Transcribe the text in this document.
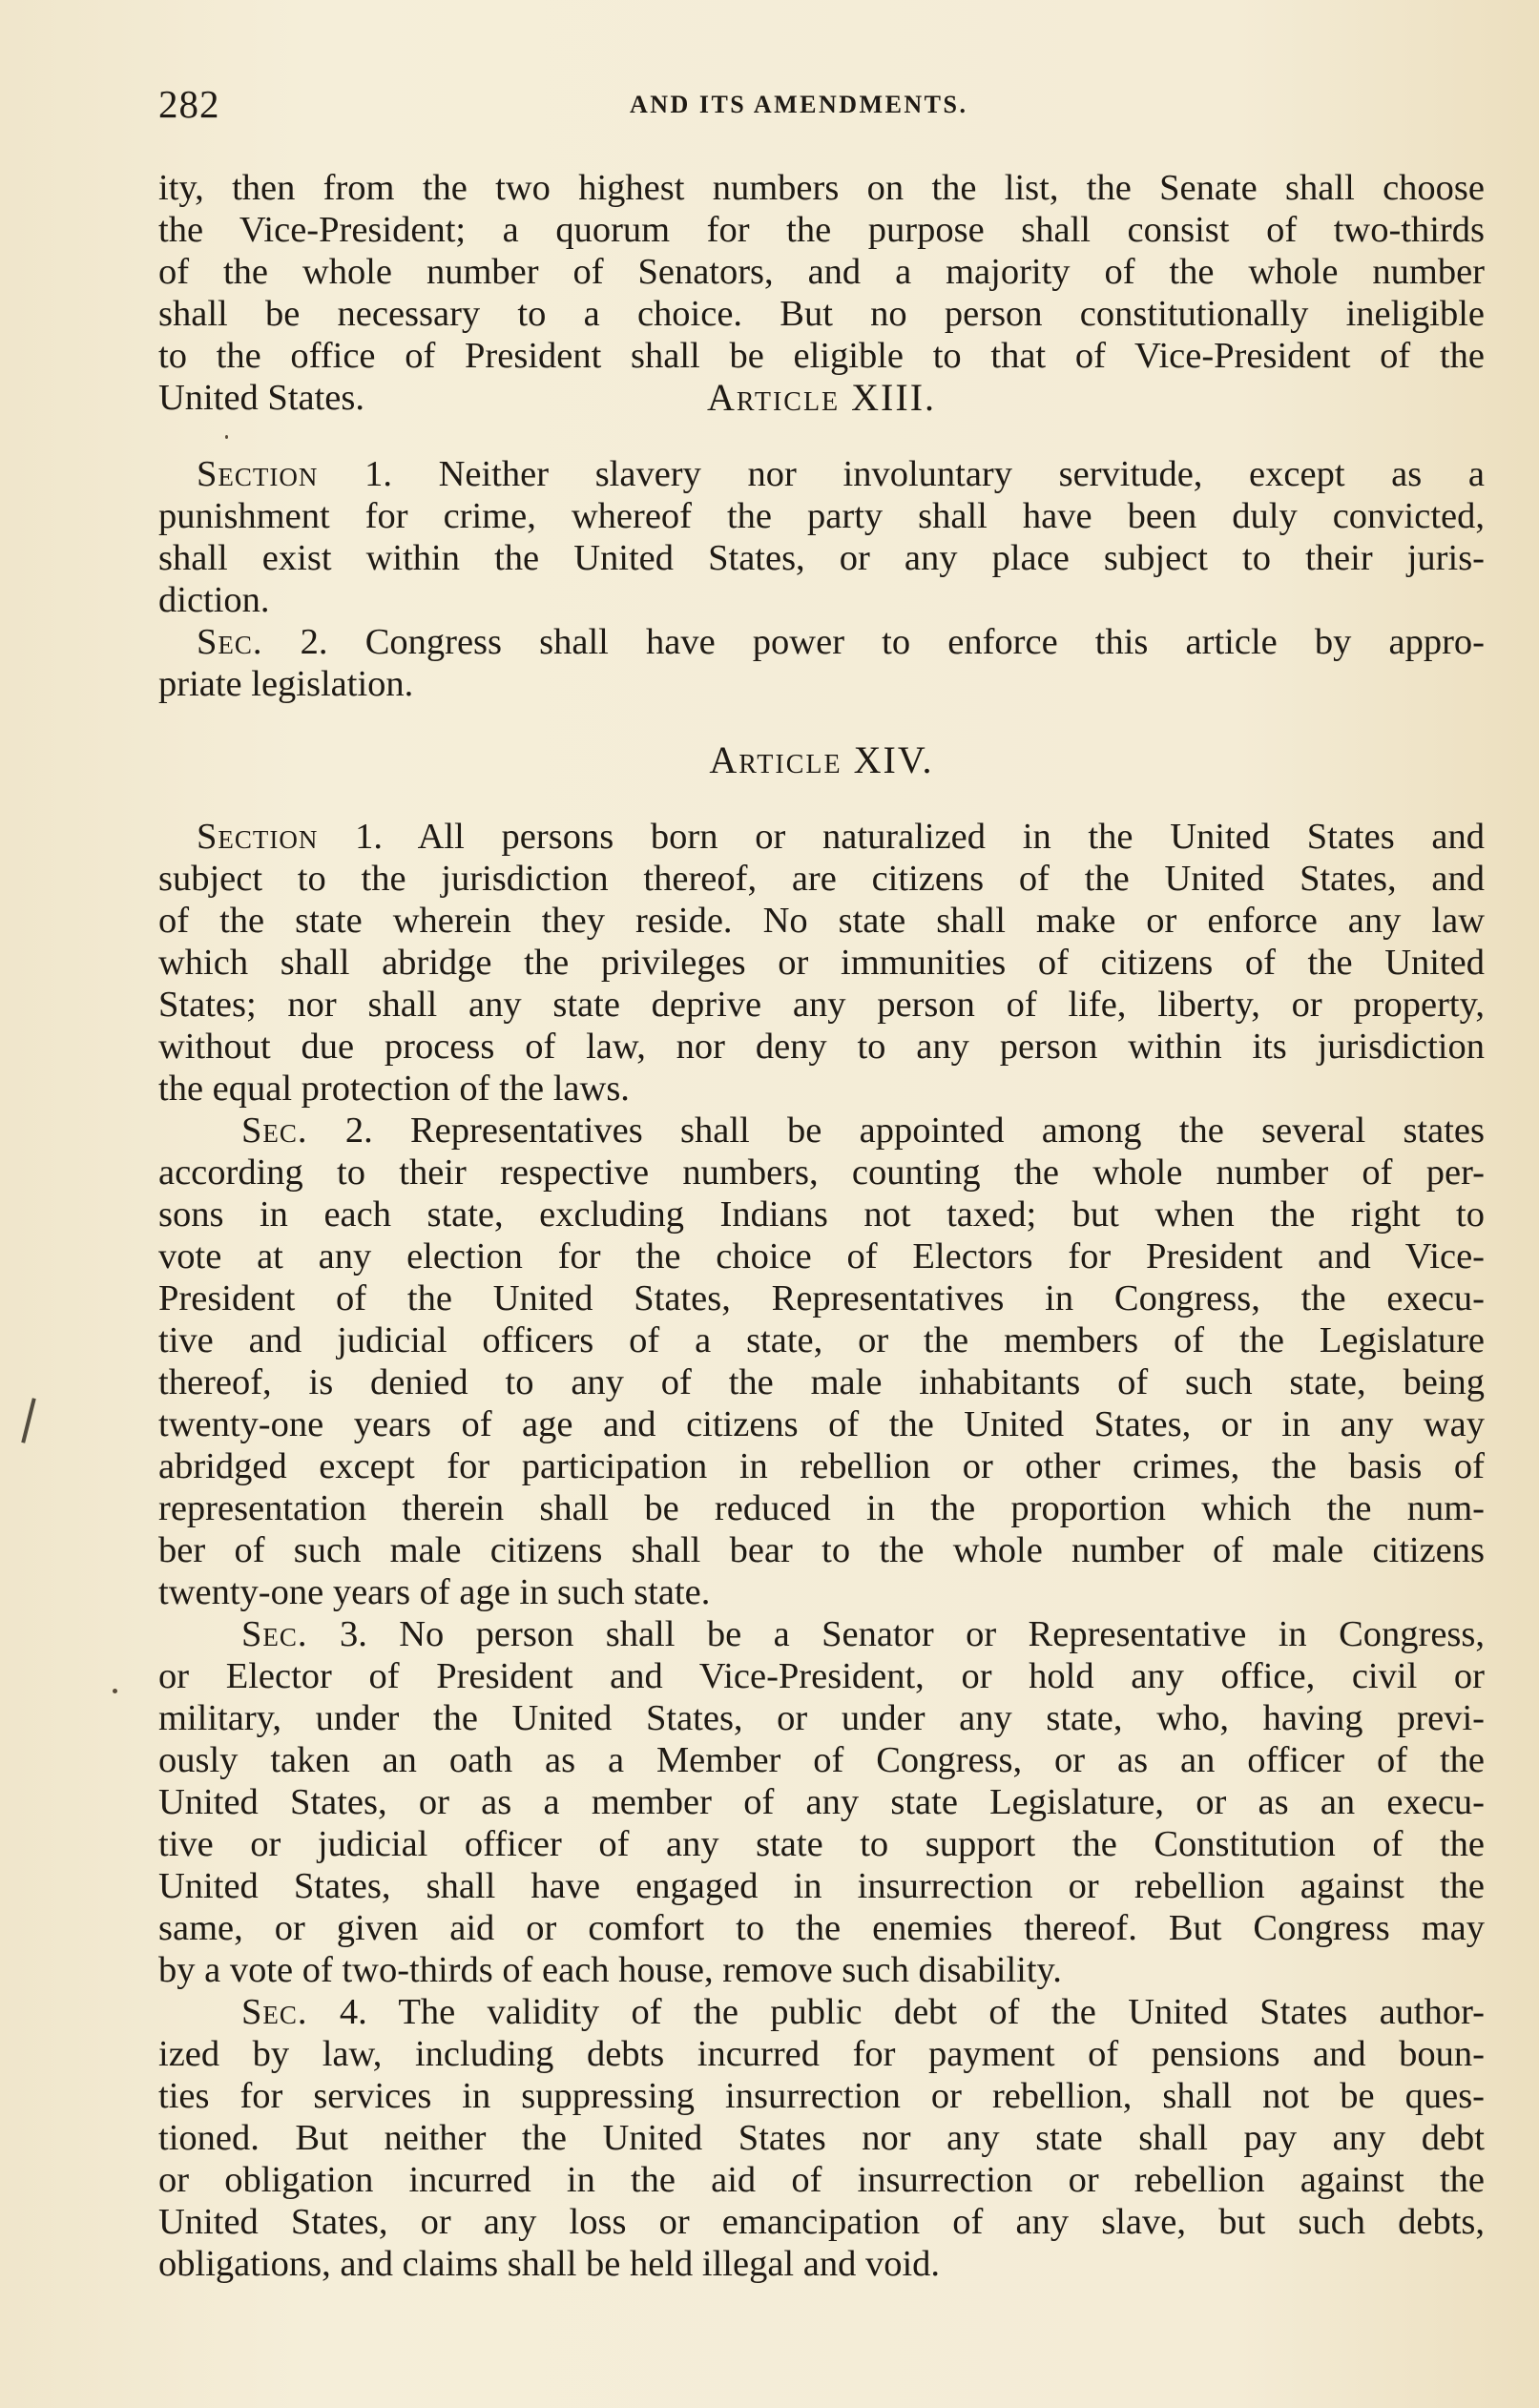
282	AND ITS AMENDMENTS.
ity, then from the two highest numbers on the list, the Senate shall choose
the Vice-President; a quorum for the purpose shall consist of two-thirds
of the whole number of Senators, and a majority of the whole number
shall be necessary to a choice. But no person constitutionally ineligible
to the office of President shall be eligible to that of Vice-President of the
United States.	Article XIII.
Section 1. Neither slavery nor involuntary servitude, except as a
punishment for crime, whereof the party shall have been duly convicted,
shall exist within the United States, or any place subject to their juris-
diction.
Sec. 2. Congress shall have power to enforce this article by appro-
priate legislation.
Article XIV.
Section 1. All persons born or naturalized in the United States and
subject to the jurisdiction thereof, are citizens of the United States, and
of the state wherein they reside. No state shall make or enforce any law
which shall abridge the privileges or immunities of citizens of the United
States; nor shall any state deprive any person of life, liberty, or property,
without due process of law, nor deny to any person within its jurisdiction
the equal protection of the laws.
Sec. 2. Representatives shall be appointed among the several states
according to their respective numbers, counting the whole number of per-
sons in each state, excluding Indians not taxed; but when the right to
vote at any election for the choice of Electors for President and Vice-
President of the United States, Representatives in Congress, the execu-
tive and judicial officers of a state, or the members of the Legislature
thereof, is denied to any of the male inhabitants of such state, being
twenty-one years of age and citizens of the United States, or in any way
abridged except for participation in rebellion or other crimes, the basis of
representation therein shall be reduced in the proportion which the num-
ber of such male citizens shall bear to the whole number of male citizens
twenty-one years of age in such state.
Sec. 3. No person shall be a Senator or Representative in Congress,
or Elector of President and Vice-President, or hold any office, civil or
military, under the United States, or under any state, who, having previ-
ously taken an oath as a Member of Congress, or as an officer of the
United States, or as a member of any state Legislature, or as an execu-
tive or judicial officer of any state to support the Constitution of the
United States, shall have engaged in insurrection or rebellion against the
same, or given aid or comfort to the enemies thereof. But Congress may
by a vote of two-thirds of each house, remove such disability.
Sec. 4. The validity of the public debt of the United States author-
ized by law, including debts incurred for payment of pensions and boun-
ties for services in suppressing insurrection or rebellion, shall not be ques-
tioned. But neither the United States nor any state shall pay any debt
or obligation incurred in the aid of insurrection or rebellion against the
United States, or any loss or emancipation of any slave, but such debts,
obligations, and claims shall be held illegal and void.
